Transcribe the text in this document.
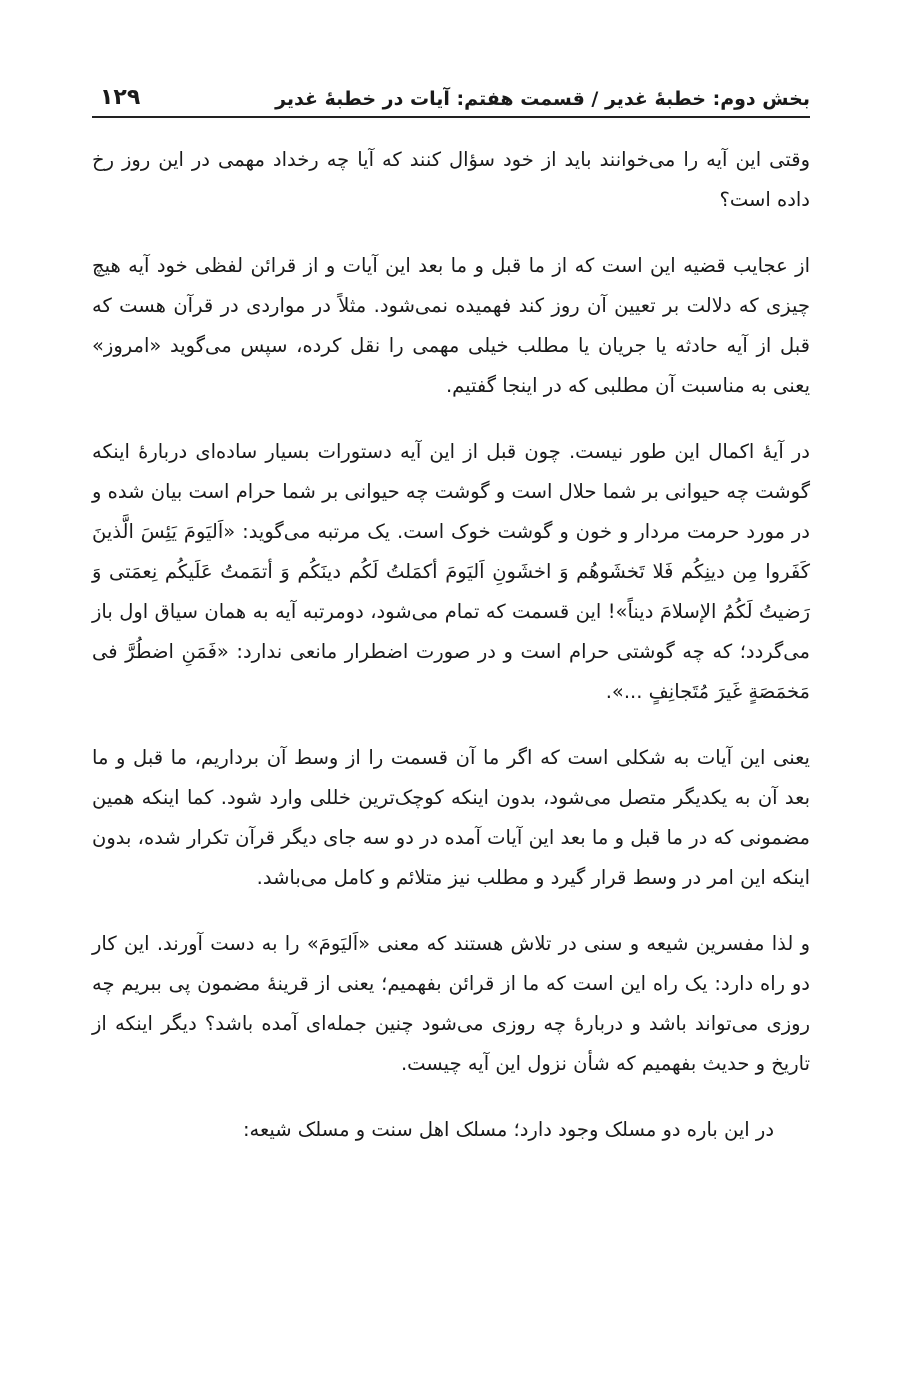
بخش دوم: خطبهٔ غدیر / قسمت هفتم: آیات در خطبهٔ غدیر
۱۲۹

وقتی این آیه را می‌خوانند باید از خود سؤال کنند که آیا چه رخداد مهمی در این روز رخ داده است؟

از عجایب قضیه این است که از ما قبل و ما بعد این آیات و از قرائن لفظی خود آیه هیچ چیزی که دلالت بر تعیین آن روز کند فهمیده نمی‌شود. مثلاً در مواردی در قرآن هست که قبل از آیه حادثه یا جریان یا مطلب خیلی مهمی را نقل کرده، سپس می‌گوید «امروز» یعنی به مناسبت آن مطلبی که در اینجا گفتیم.

در آیهٔ اکمال این طور نیست. چون قبل از این آیه دستورات بسیار ساده‌ای دربارهٔ اینکه گوشت چه حیوانی بر شما حلال است و گوشت چه حیوانی بر شما حرام است بیان شده و در مورد حرمت مردار و خون و گوشت خوک است. یک مرتبه می‌گوید: «اَلیَومَ یَئِسَ الَّذینَ کَفَروا مِن دینِکُم فَلا تَخشَوهُم وَ اخشَونِ اَلیَومَ أکمَلتُ لَکُم دینَکُم وَ أتمَمتُ عَلَیکُم نِعمَتی وَ رَضیتُ لَکُمُ الإسلامَ دیناً»! این قسمت که تمام می‌شود، دومرتبه آیه به همان سیاق اول باز می‌گردد؛ که چه گوشتی حرام است و در صورت اضطرار مانعی ندارد: «فَمَنِ اضطُرَّ فی مَخمَصَةٍ غَیرَ مُتَجانِفٍ ...».

یعنی این آیات به شکلی است که اگر ما آن قسمت را از وسط آن برداریم، ما قبل و ما بعد آن به یکدیگر متصل می‌شود، بدون اینکه کوچک‌ترین خللی وارد شود. کما اینکه همین مضمونی که در ما قبل و ما بعد این آیات آمده در دو سه جای دیگر قرآن تکرار شده، بدون اینکه این امر در وسط قرار گیرد و مطلب نیز متلائم و کامل می‌باشد.

و لذا مفسرین شیعه و سنی در تلاش هستند که معنی «اَلیَومَ» را به دست آورند. این کار دو راه دارد: یک راه این است که ما از قرائن بفهمیم؛ یعنی از قرینهٔ مضمون پی ببریم چه روزی می‌تواند باشد و دربارهٔ چه روزی می‌شود چنین جمله‌ای آمده باشد؟ دیگر اینکه از تاریخ و حدیث بفهمیم که شأن نزول این آیه چیست.

در این باره دو مسلک وجود دارد؛ مسلک اهل سنت و مسلک شیعه:
